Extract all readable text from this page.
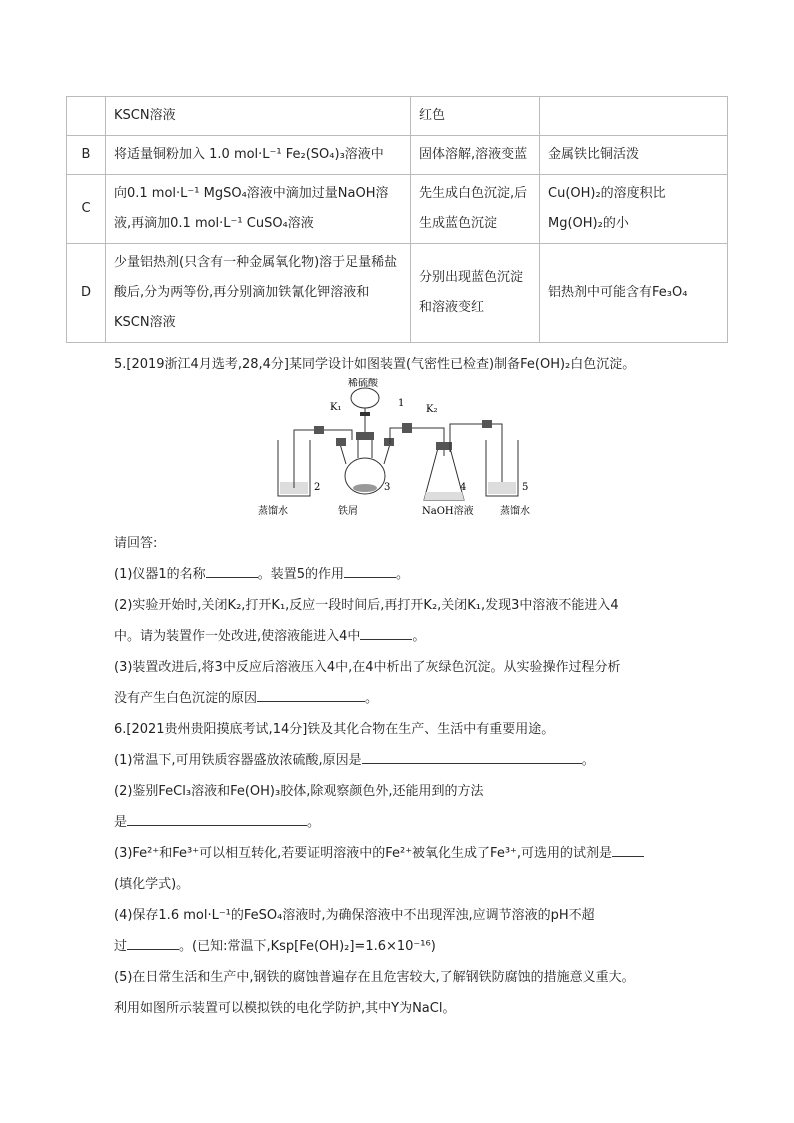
	KSCN溶液	红色	
B	将适量铜粉加入 1.0 mol·L⁻¹ Fe₂(SO₄)₃溶液中	固体溶解,溶液变蓝	金属铁比铜活泼
C	向0.1 mol·L⁻¹ MgSO₄溶液中滴加过量NaOH溶液,再滴加0.1 mol·L⁻¹ CuSO₄溶液	先生成白色沉淀,后生成蓝色沉淀	Cu(OH)₂的溶度积比 Mg(OH)₂的小
D	少量铝热剂(只含有一种金属氧化物)溶于足量稀盐酸后,分为两等份,再分别滴加铁氰化钾溶液和KSCN溶液	分别出现蓝色沉淀和溶液变红	铝热剂中可能含有Fe₃O₄
5.[2019浙江4月选考,28,4分]某同学设计如图装置(气密性已检查)制备Fe(OH)₂白色沉淀。
稀硫酸
K₁	1
K₂
2	3	4	5
蒸馏水	铁屑	NaOH溶液	蒸馏水
请回答:
(1)仪器1的名称	。装置5的作用	。
(2)实验开始时,关闭K₂,打开K₁,反应一段时间后,再打开K₂,关闭K₁,发现3中溶液不能进入4
中。请为装置作一处改进,使溶液能进入4中	。
(3)装置改进后,将3中反应后溶液压入4中,在4中析出了灰绿色沉淀。从实验操作过程分析
没有产生白色沉淀的原因	。
6.[2021贵州贵阳摸底考试,14分]铁及其化合物在生产、生活中有重要用途。
(1)常温下,可用铁质容器盛放浓硫酸,原因是	。
(2)鉴别FeCl₃溶液和Fe(OH)₃胶体,除观察颜色外,还能用到的方法
是	。
(3)Fe²⁺和Fe³⁺可以相互转化,若要证明溶液中的Fe²⁺被氧化生成了Fe³⁺,可选用的试剂是
(填化学式)。
(4)保存1.6 mol·L⁻¹的FeSO₄溶液时,为确保溶液中不出现浑浊,应调节溶液的pH不超
过	。(已知:常温下,Ksp[Fe(OH)₂]=1.6×10⁻¹⁶)
(5)在日常生活和生产中,钢铁的腐蚀普遍存在且危害较大,了解钢铁防腐蚀的措施意义重大。
利用如图所示装置可以模拟铁的电化学防护,其中Y为NaCl。
